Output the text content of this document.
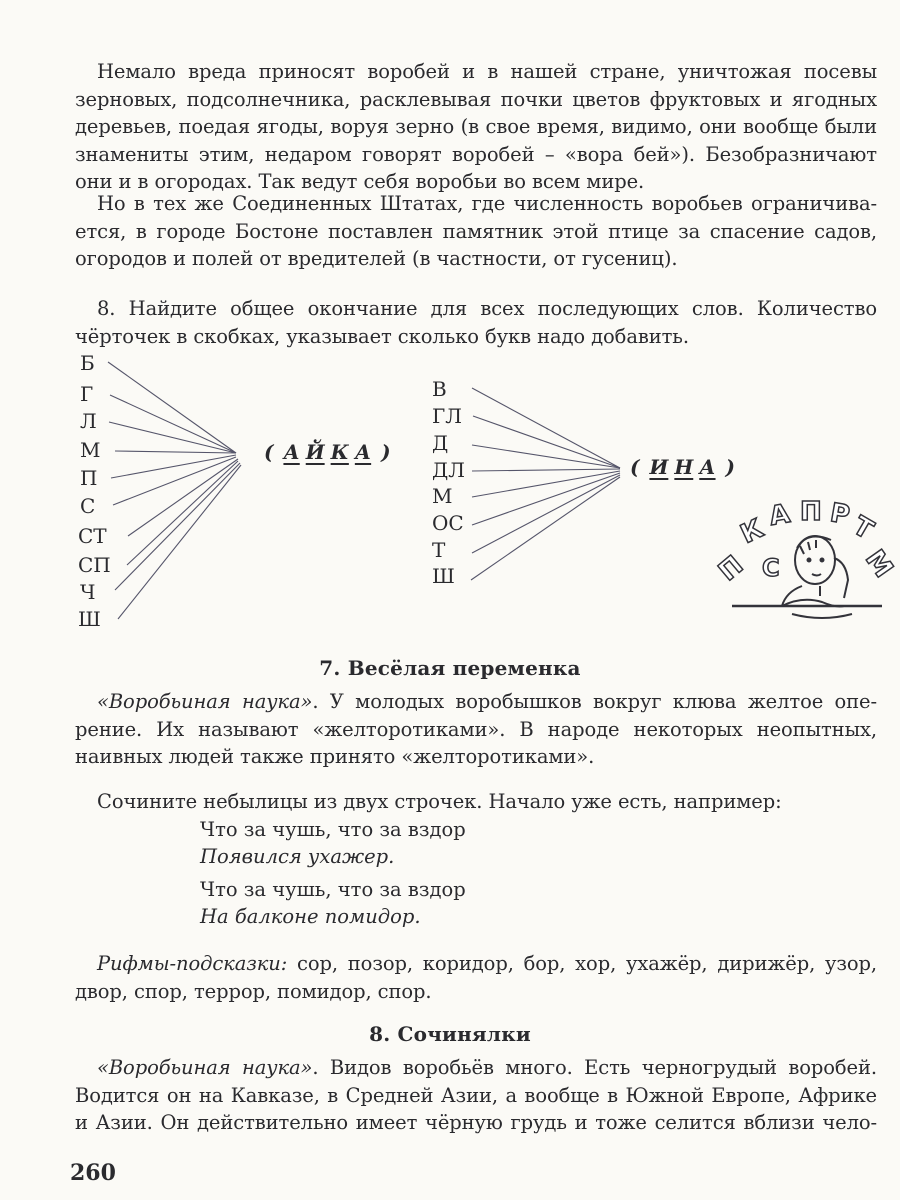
Немало вреда приносят воробей и в нашей стране, уничтожая посевы
зерновых, подсолнечника, расклевывая почки цветов фруктовых и ягодных
деревьев, поедая ягоды, воруя зерно (в свое время, видимо, они вообще были
знамениты этим, недаром говорят воробей – «вора бей»). Безобразничают
они и в огородах. Так ведут себя воробьи во всем мире.
Но в тех же Соединенных Штатах, где численность воробьев ограничива-
ется, в городе Бостоне поставлен памятник этой птице за спасение садов,
огородов и полей от вредителей (в частности, от гусениц).
8. Найдите общее окончание для всех последующих слов. Количество
чёрточек в скобках, указывает сколько букв надо добавить.
Б
Г
Л
М
П
С
СТ
СП
Ч
Ш
( А Й К А )
В
ГЛ
Д
ДЛ
М
ОС
Т
Ш
( И Н А )
П
К А П Р
Т
М
С
7. Весёлая переменка
«Воробьиная наука». У молодых воробышков вокруг клюва желтое опе-
рение. Их называют «желторотиками». В народе некоторых неопытных,
наивных людей также принято «желторотиками».
Сочините небылицы из двух строчек. Начало уже есть, например:
Что за чушь, что за вздор
Появился ухажер.
Что за чушь, что за вздор
На балконе помидор.
Рифмы-подсказки: сор, позор, коридор, бор, хор, ухажёр, дирижёр, узор,
двор, спор, террор, помидор, спор.
8. Сочинялки
«Воробьиная наука». Видов воробьёв много. Есть черногрудый воробей.
Водится он на Кавказе, в Средней Азии, а вообще в Южной Европе, Африке
и Азии. Он действительно имеет чёрную грудь и тоже селится вблизи чело-
260
